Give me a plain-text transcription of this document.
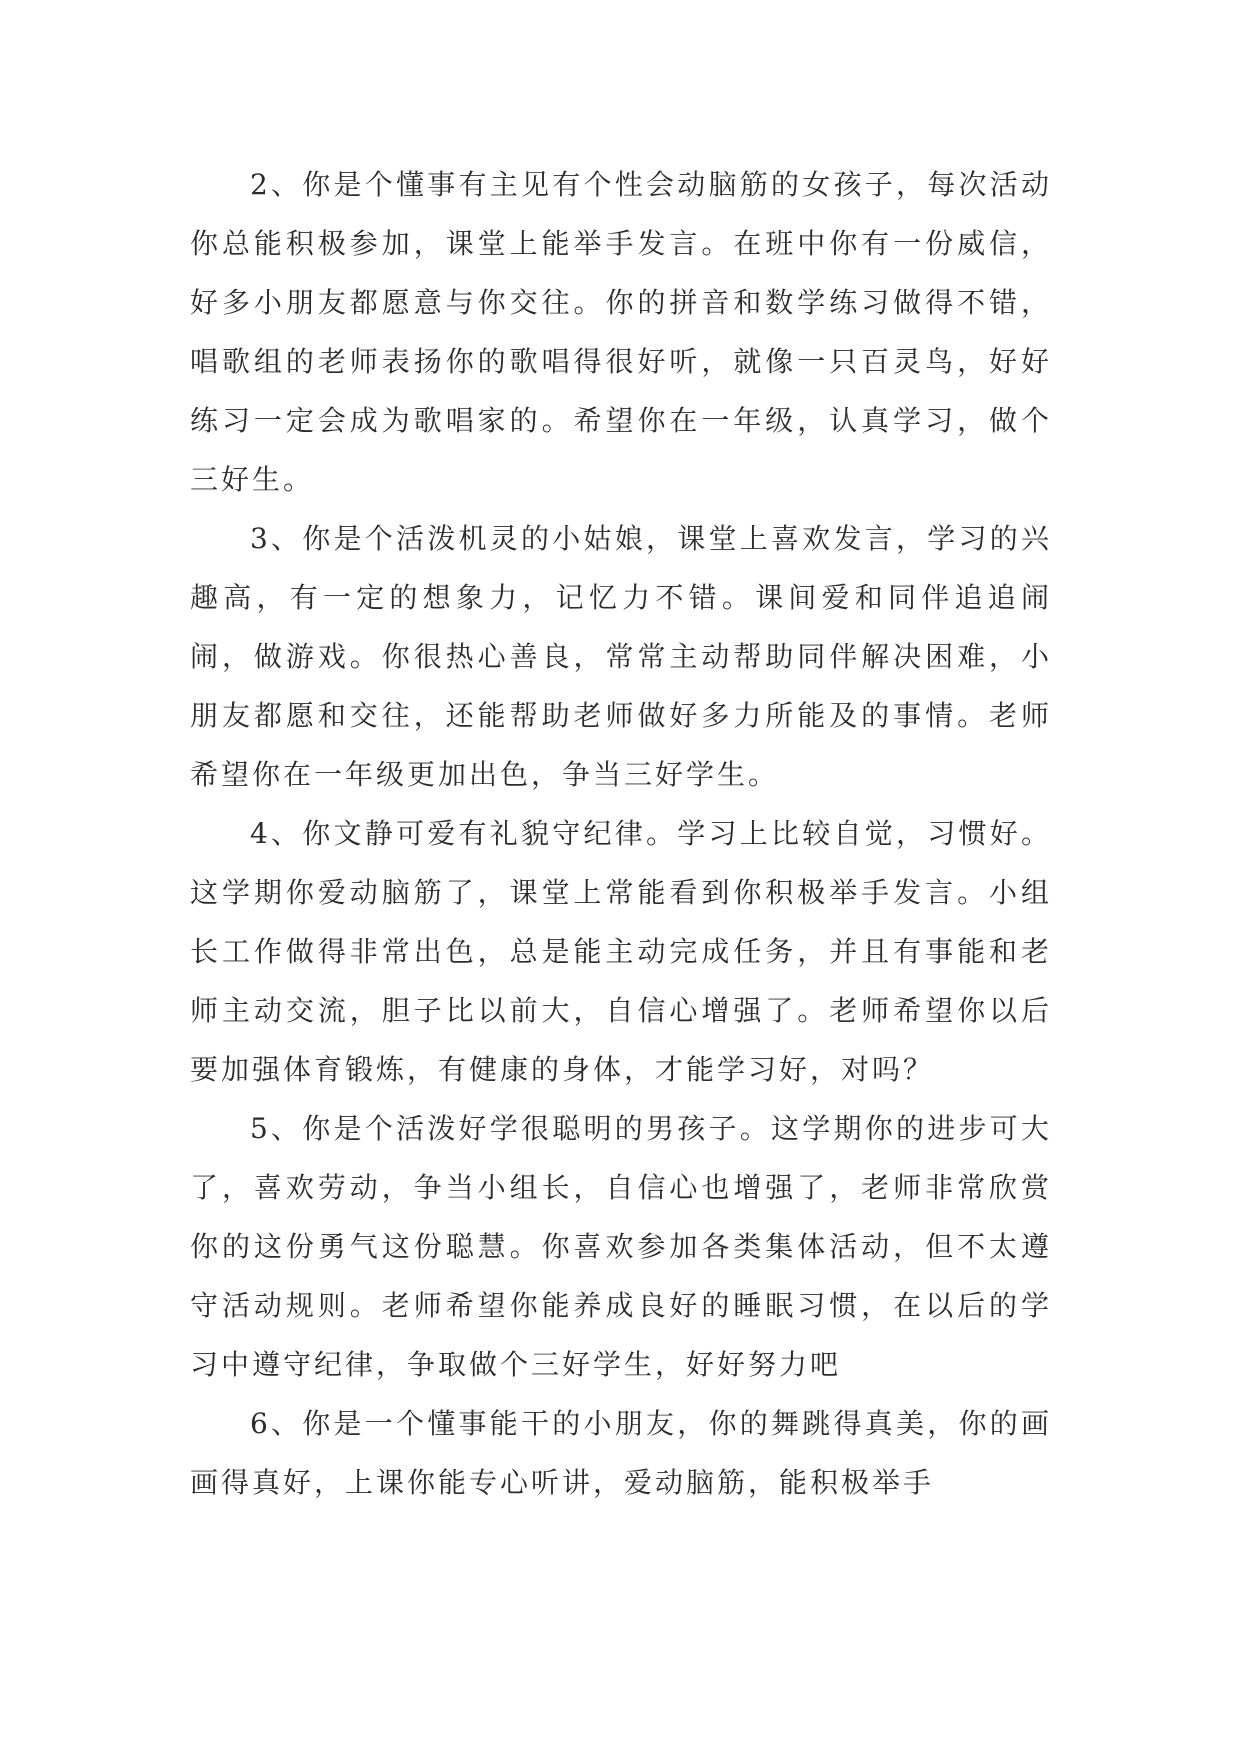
2、你是个懂事有主见有个性会动脑筋的女孩子，每次活动你总能积极参加，课堂上能举手发言。在班中你有一份威信，好多小朋友都愿意与你交往。你的拼音和数学练习做得不错，唱歌组的老师表扬你的歌唱得很好听，就像一只百灵鸟，好好练习一定会成为歌唱家的。希望你在一年级，认真学习，做个三好生。

3、你是个活泼机灵的小姑娘，课堂上喜欢发言，学习的兴趣高，有一定的想象力，记忆力不错。课间爱和同伴追追闹闹，做游戏。你很热心善良，常常主动帮助同伴解决困难，小朋友都愿和交往，还能帮助老师做好多力所能及的事情。老师希望你在一年级更加出色，争当三好学生。

4、你文静可爱有礼貌守纪律。学习上比较自觉，习惯好。这学期你爱动脑筋了，课堂上常能看到你积极举手发言。小组长工作做得非常出色，总是能主动完成任务，并且有事能和老师主动交流，胆子比以前大，自信心增强了。老师希望你以后要加强体育锻炼，有健康的身体，才能学习好，对吗？

5、你是个活泼好学很聪明的男孩子。这学期你的进步可大了，喜欢劳动，争当小组长，自信心也增强了，老师非常欣赏你的这份勇气这份聪慧。你喜欢参加各类集体活动，但不太遵守活动规则。老师希望你能养成良好的睡眠习惯，在以后的学习中遵守纪律，争取做个三好学生，好好努力吧

6、你是一个懂事能干的小朋友，你的舞跳得真美，你的画画得真好，上课你能专心听讲，爱动脑筋，能积极举手
